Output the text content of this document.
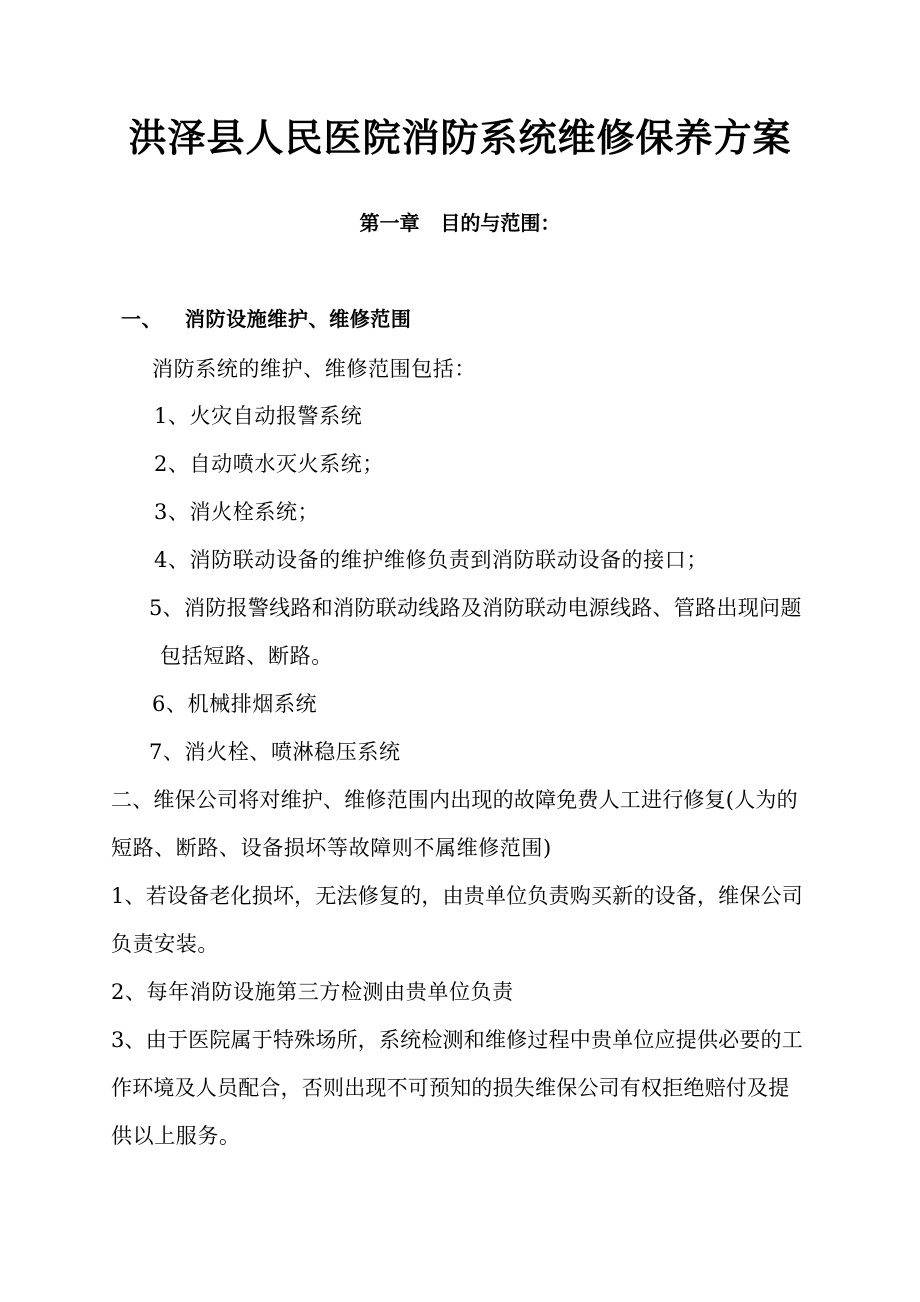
洪泽县人民医院消防系统维修保养方案
第一章   目的与范围：
一、   消防设施维护、维修范围
消防系统的维护、维修范围包括：
1、火灾自动报警系统
2、自动喷水灭火系统；
3、消火栓系统；
4、消防联动设备的维护维修负责到消防联动设备的接口；
5、消防报警线路和消防联动线路及消防联动电源线路、管路出现问题
包括短路、断路。
6、机械排烟系统
7、消火栓、喷淋稳压系统
二、维保公司将对维护、维修范围内出现的故障免费人工进行修复(人为的
短路、断路、设备损坏等故障则不属维修范围)
1、若设备老化损坏，无法修复的，由贵单位负责购买新的设备，维保公司
负责安装。
2、每年消防设施第三方检测由贵单位负责
3、由于医院属于特殊场所，系统检测和维修过程中贵单位应提供必要的工
作环境及人员配合，否则出现不可预知的损失维保公司有权拒绝赔付及提
供以上服务。
